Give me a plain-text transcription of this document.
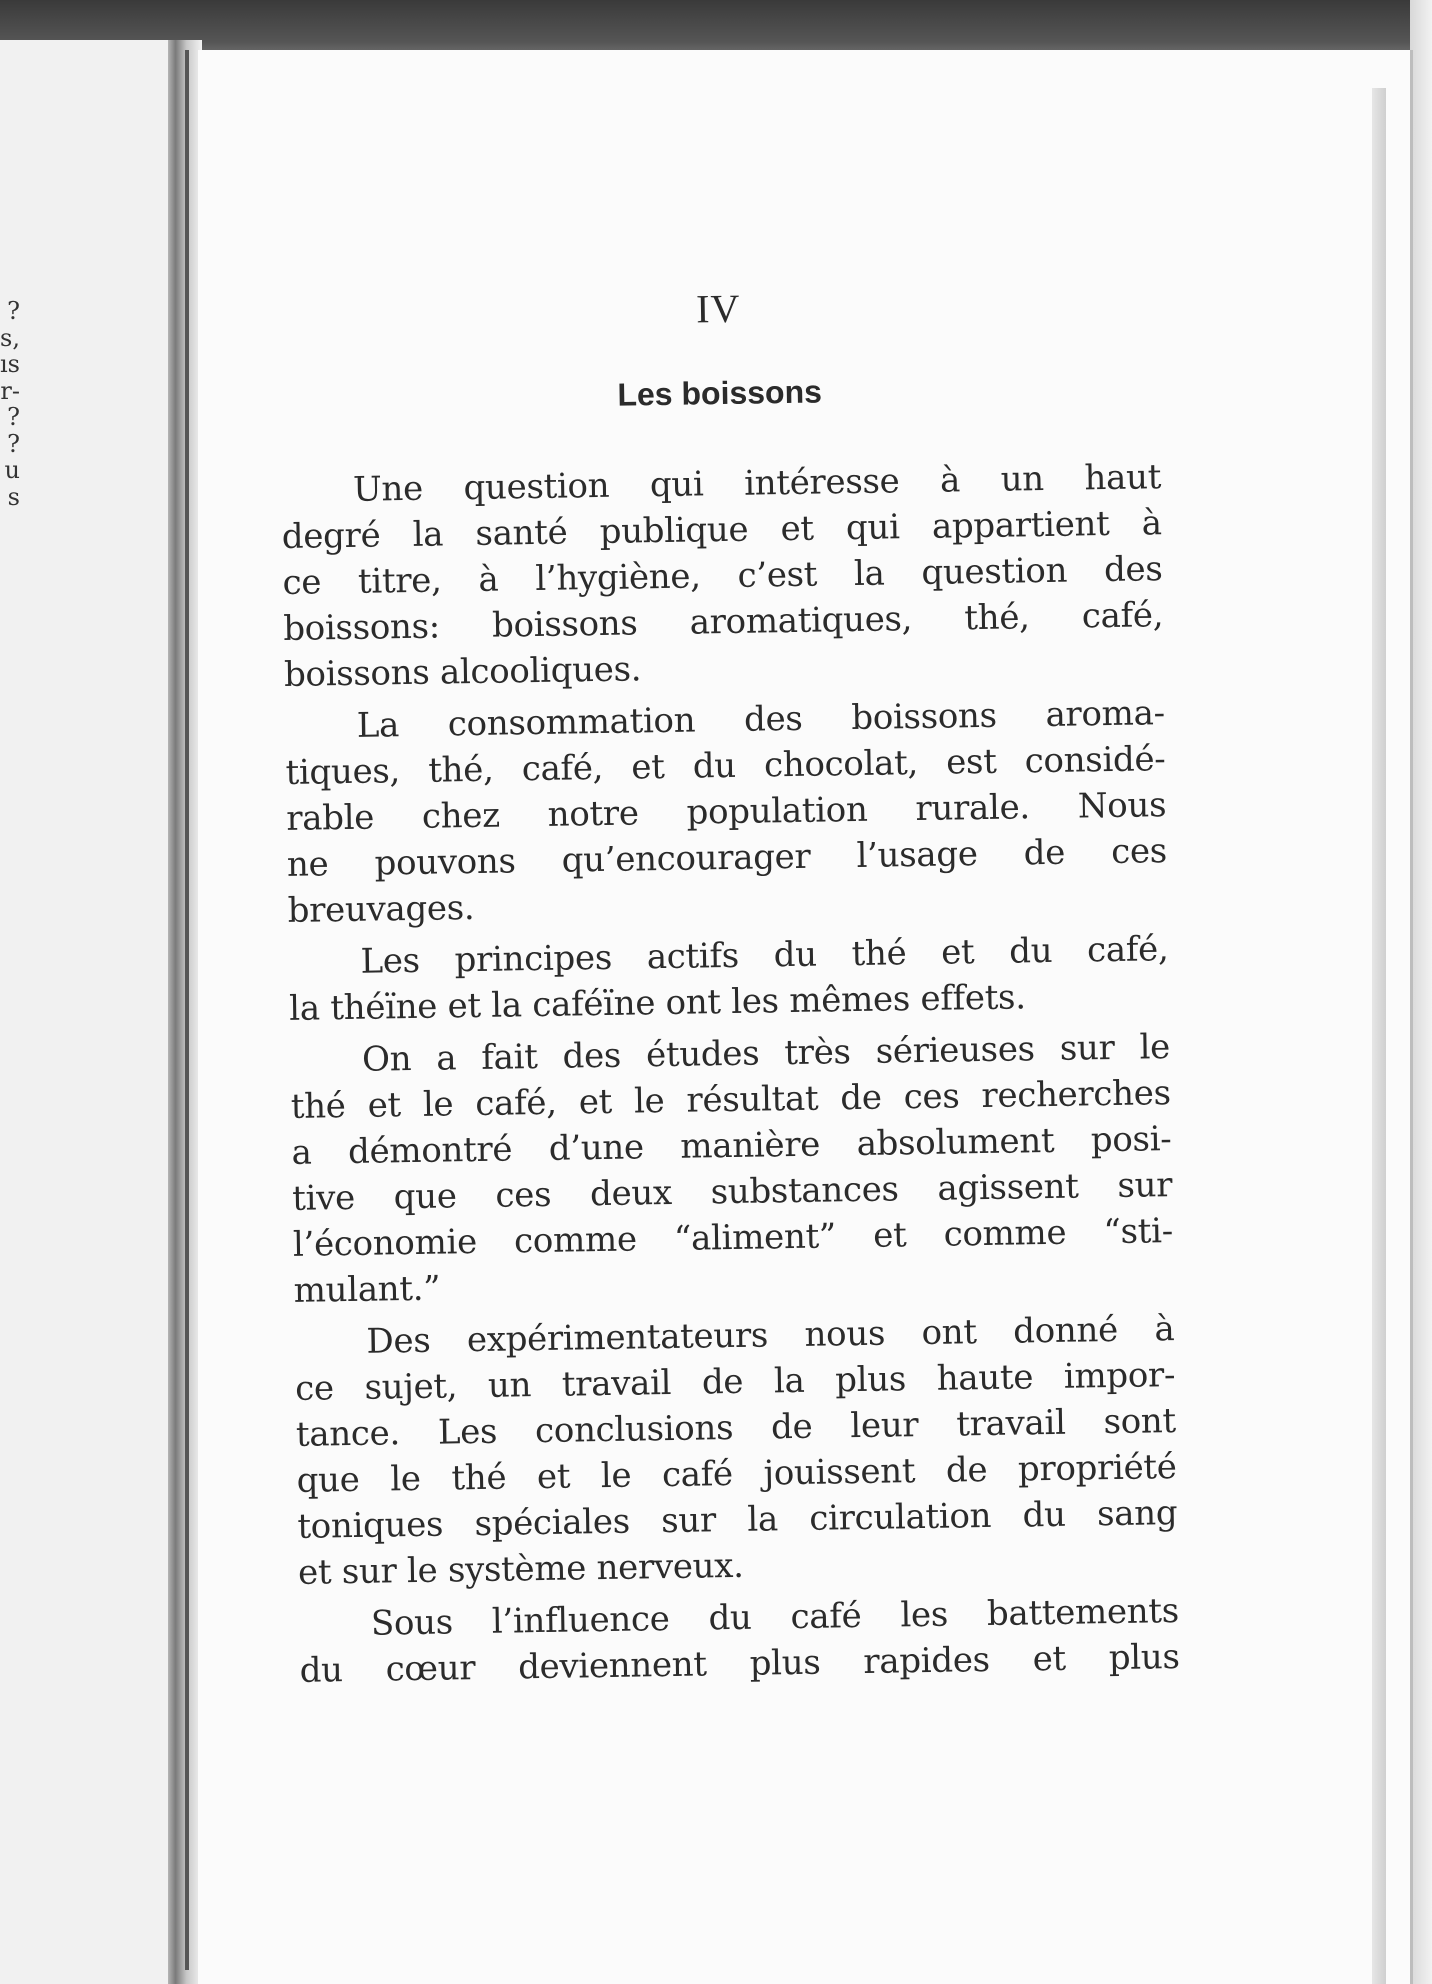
?
s,
ıs
r-
?
?
u
s
IV
Les boissons
Une question qui intéresse à un haut
degré la santé publique et qui appartient à
ce titre, à l’hygiène, c’est la question des
boissons: boissons aromatiques, thé, café,
boissons alcooliques.
La consommation des boissons aroma-
tiques, thé, café, et du chocolat, est considé-
rable chez notre population rurale. Nous
ne pouvons qu’encourager l’usage de ces
breuvages.
Les principes actifs du thé et du café,
la théïne et la caféïne ont les mêmes effets.
On a fait des études très sérieuses sur le
thé et le café, et le résultat de ces recherches
a démontré d’une manière absolument posi-
tive que ces deux substances agissent sur
l’économie comme “aliment” et comme “sti-
mulant.”
Des expérimentateurs nous ont donné à
ce sujet, un travail de la plus haute impor-
tance. Les conclusions de leur travail sont
que le thé et le café jouissent de propriété
toniques spéciales sur la circulation du sang
et sur le système nerveux.
Sous l’influence du café les battements
du cœur deviennent plus rapides et plus
